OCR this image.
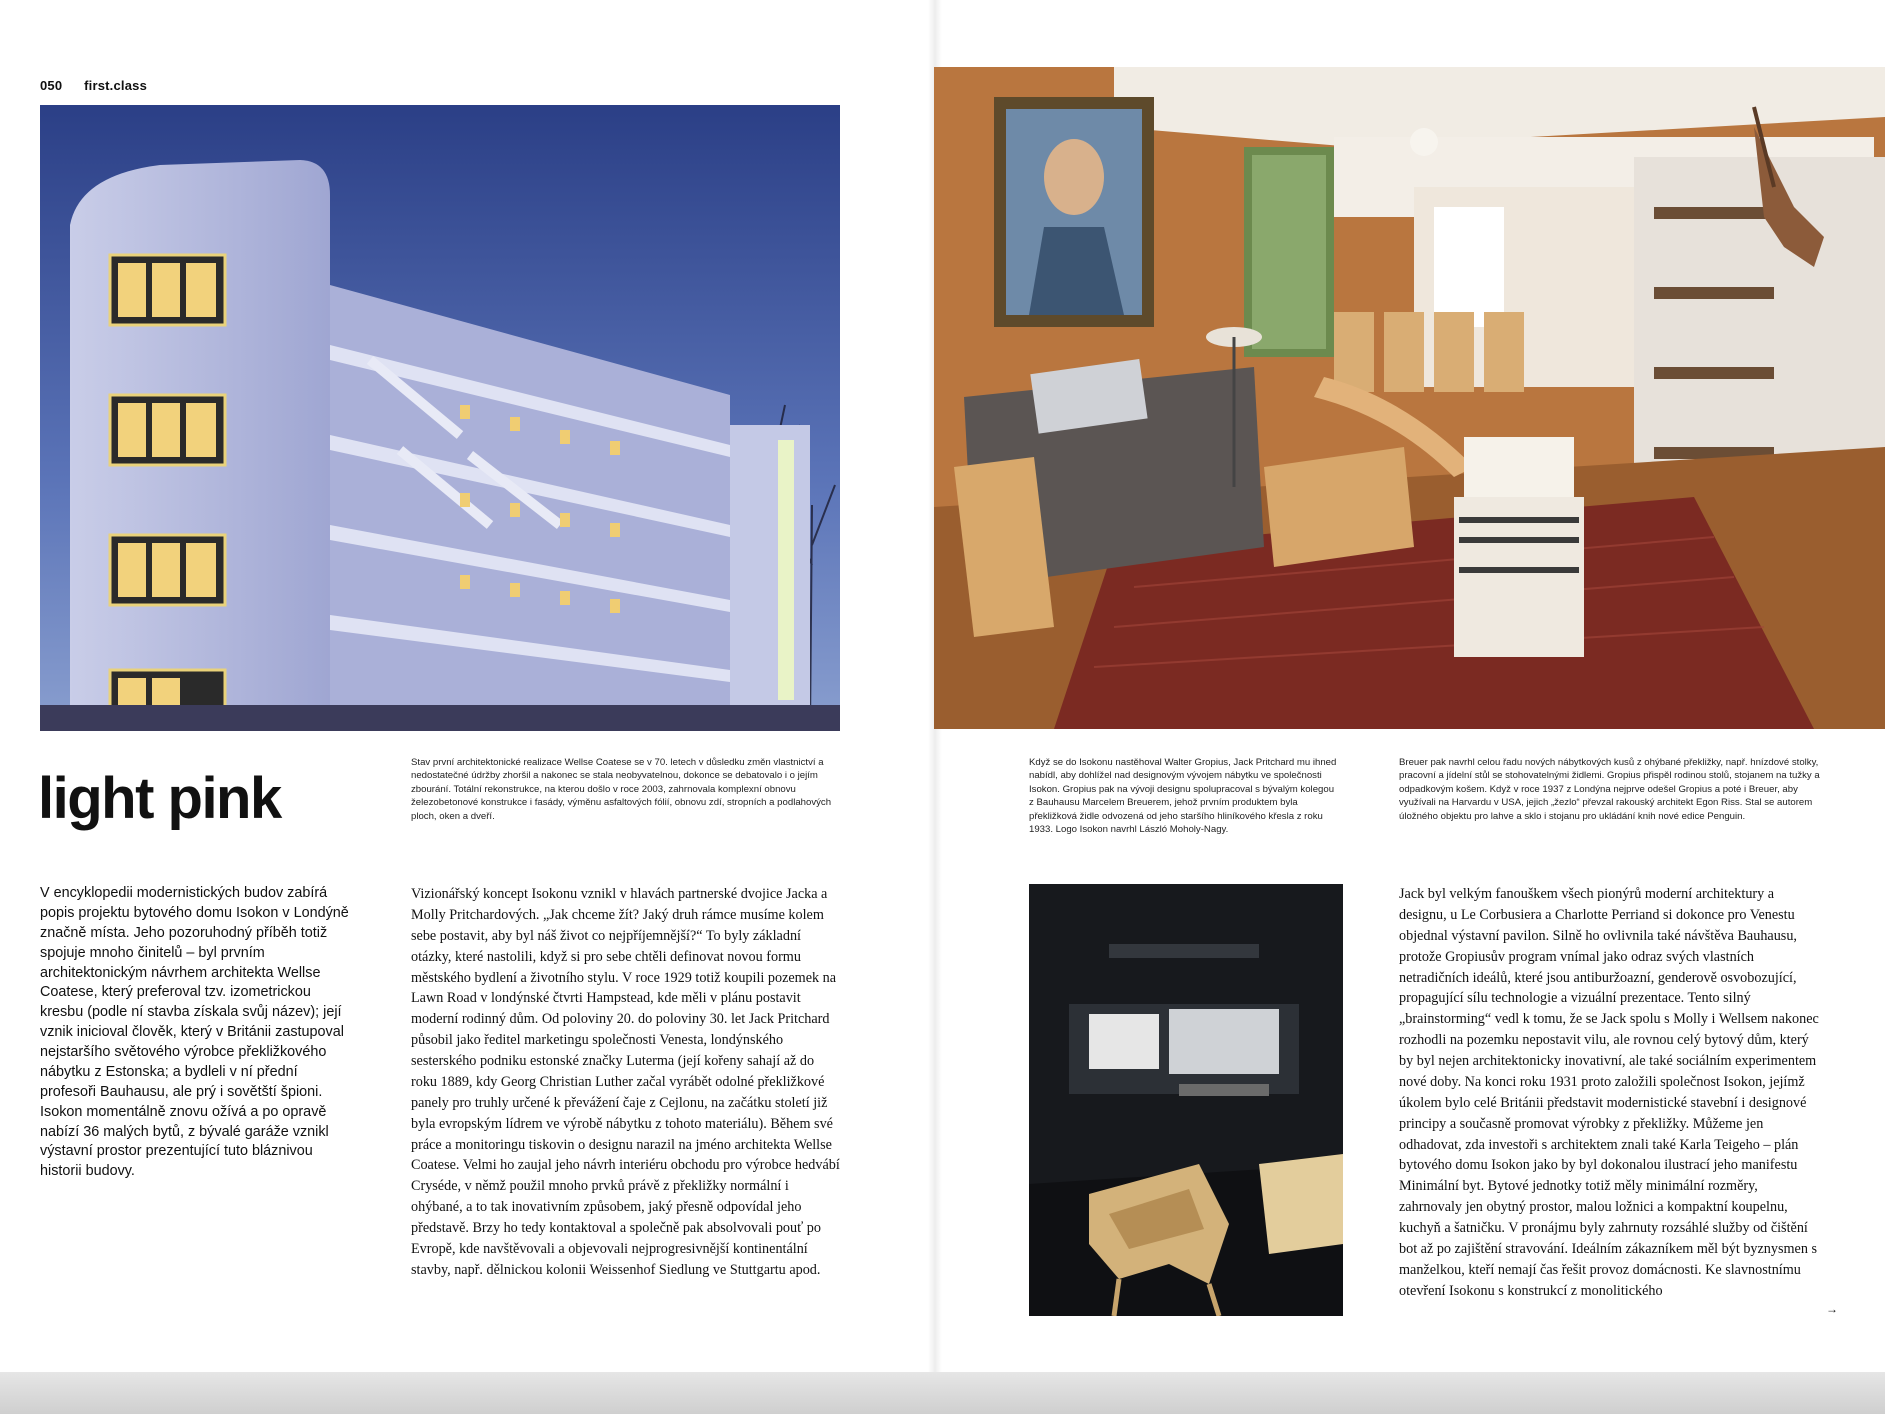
050 first.class
light pink
Stav první architektonické realizace Wellse Coatese se v 70. letech v důsledku změn vlastnictví a nedostatečné údržby zhoršil a nakonec se stala neobyvatelnou, dokonce se debatovalo i o jejím zbourání. Totální rekonstrukce, na kterou došlo v roce 2003, zahrnovala komplexní obnovu železobetonové konstrukce i fasády, výměnu asfaltových fólií, obnovu zdí, stropních a podlahových ploch, oken a dveří.
Když se do Isokonu nastěhoval Walter Gropius, Jack Pritchard mu ihned nabídl, aby dohlížel nad designovým vývojem nábytku ve společnosti Isokon. Gropius pak na vývoji designu spolupracoval s bývalým kolegou z Bauhausu Marcelem Breuerem, jehož prvním produktem byla překližková židle odvozená od jeho staršího hliníkového křesla z roku 1933. Logo Isokon navrhl László Moholy-Nagy.
Breuer pak navrhl celou řadu nových nábytkových kusů z ohýbané překližky, např. hnízdové stolky, pracovní a jídelní stůl se stohovatelnými židlemi. Gropius přispěl rodinou stolů, stojanem na tužky a odpadkovým košem. Když v roce 1937 z Londýna nejprve odešel Gropius a poté i Breuer, aby využívali na Harvardu v USA, jejich „žezlo“ převzal rakouský architekt Egon Riss. Stal se autorem úložného objektu pro lahve a sklo i stojanu pro ukládání knih nové edice Penguin.
V encyklopedii modernistických budov zabírá popis projektu bytového domu Isokon v Londýně značně místa. Jeho pozoruhodný příběh totiž spojuje mnoho činitelů – byl prvním architektonickým návrhem architekta Wellse Coatese, který preferoval tzv. izometrickou kresbu (podle ní stavba získala svůj název); její vznik inicioval člověk, který v Británii zastupoval nejstaršího světového výrobce překližkového nábytku z Estonska; a bydleli v ní přední profesoři Bauhausu, ale prý i sovětští špioni. Isokon momentálně znovu ožívá a po opravě nabízí 36 malých bytů, z bývalé garáže vznikl výstavní prostor prezentující tuto bláznivou historii budovy.
Vizionářský koncept Isokonu vznikl v hlavách partnerské dvojice Jacka a Molly Pritchardových. „Jak chceme žít? Jaký druh rámce musíme kolem sebe postavit, aby byl náš život co nejpříjemnější?“ To byly základní otázky, které nastolili, když si pro sebe chtěli definovat novou formu městského bydlení a životního stylu. V roce 1929 totiž koupili pozemek na Lawn Road v londýnské čtvrti Hampstead, kde měli v plánu postavit moderní rodinný dům. Od poloviny 20. do poloviny 30. let Jack Pritchard působil jako ředitel marketingu společnosti Venesta, londýnského sesterského podniku estonské značky Luterma (její kořeny sahají až do roku 1889, kdy Georg Christian Luther začal vyrábět odolné překližkové panely pro truhly určené k převážení čaje z Cejlonu, na začátku století již byla evropským lídrem ve výrobě nábytku z tohoto materiálu). Během své práce a monitoringu tiskovin o designu narazil na jméno architekta Wellse Coatese. Velmi ho zaujal jeho návrh interiéru obchodu pro výrobce hedvábí Cryséde, v němž použil mnoho prvků právě z překližky normální i ohýbané, a to tak inovativním způsobem, jaký přesně odpovídal jeho představě. Brzy ho tedy kontaktoval a společně pak absolvovali pouť po Evropě, kde navštěvovali a objevovali nejprogresivnější kontinentální stavby, např. dělnickou kolonii Weissenhof Siedlung ve Stuttgartu apod.
Jack byl velkým fanouškem všech pionýrů moderní architektury a designu, u Le Corbusiera a Charlotte Perriand si dokonce pro Venestu objednal výstavní pavilon. Silně ho ovlivnila také návštěva Bauhausu, protože Gropiusův program vnímal jako odraz svých vlastních netradičních ideálů, které jsou antiburžoazní, genderově osvobozující, propagující sílu technologie a vizuální prezentace. Tento silný „brainstorming“ vedl k tomu, že se Jack spolu s Molly i Wellsem nakonec rozhodli na pozemku nepostavit vilu, ale rovnou celý bytový dům, který by byl nejen architektonicky inovativní, ale také sociálním experimentem nové doby. Na konci roku 1931 proto založili společnost Isokon, jejímž úkolem bylo celé Británii představit modernistické stavební i designové principy a současně promovat výrobky z překližky. Můžeme jen odhadovat, zda investoři s architektem znali také Karla Teigeho – plán bytového domu Isokon jako by byl dokonalou ilustrací jeho manifestu Minimální byt. Bytové jednotky totiž měly minimální rozměry, zahrnovaly jen obytný prostor, malou ložnici a kompaktní koupelnu, kuchyň a šatničku. V pronájmu byly zahrnuty rozsáhlé služby od čištění bot až po zajištění stravování. Ideálním zákazníkem měl být byznysmen s manželkou, kteří nemají čas řešit provoz domácnosti. Ke slavnostnímu otevření Isokonu s konstrukcí z monolitického
→
